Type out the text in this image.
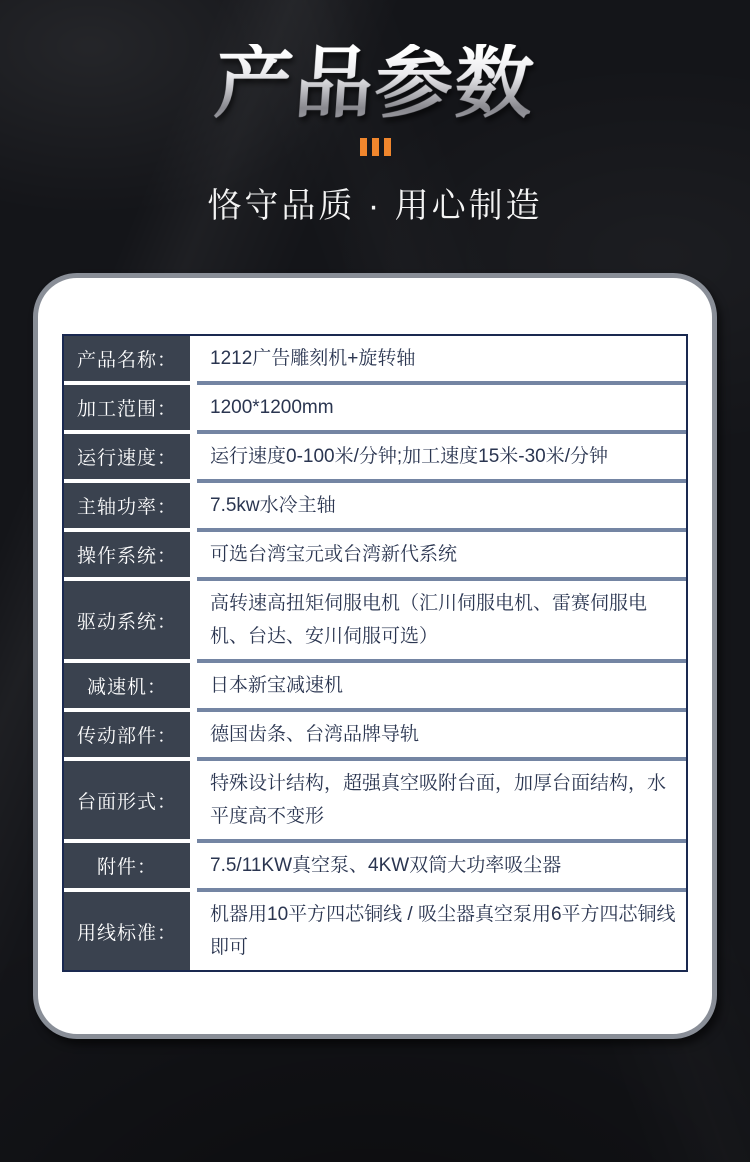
产品参数

恪守品质 · 用心制造

产品名称： 1212广告雕刻机+旋转轴
加工范围： 1200*1200mm
运行速度： 运行速度0-100米/分钟;加工速度15米-30米/分钟
主轴功率： 7.5kw水冷主轴
操作系统： 可选台湾宝元或台湾新代系统
驱动系统：
高转速高扭矩伺服电机（汇川伺服电机、雷赛伺服电机、台达、安川伺服可选）
减速机： 日本新宝减速机
传动部件： 德国齿条、台湾品牌导轨
台面形式：
特殊设计结构，超强真空吸附台面，加厚台面结构，水平度高不变形
附件：	7.5/11KW真空泵、4KW双筒大功率吸尘器
用线标准：
机器用10平方四芯铜线 / 吸尘器真空泵用6平方四芯铜线即可
